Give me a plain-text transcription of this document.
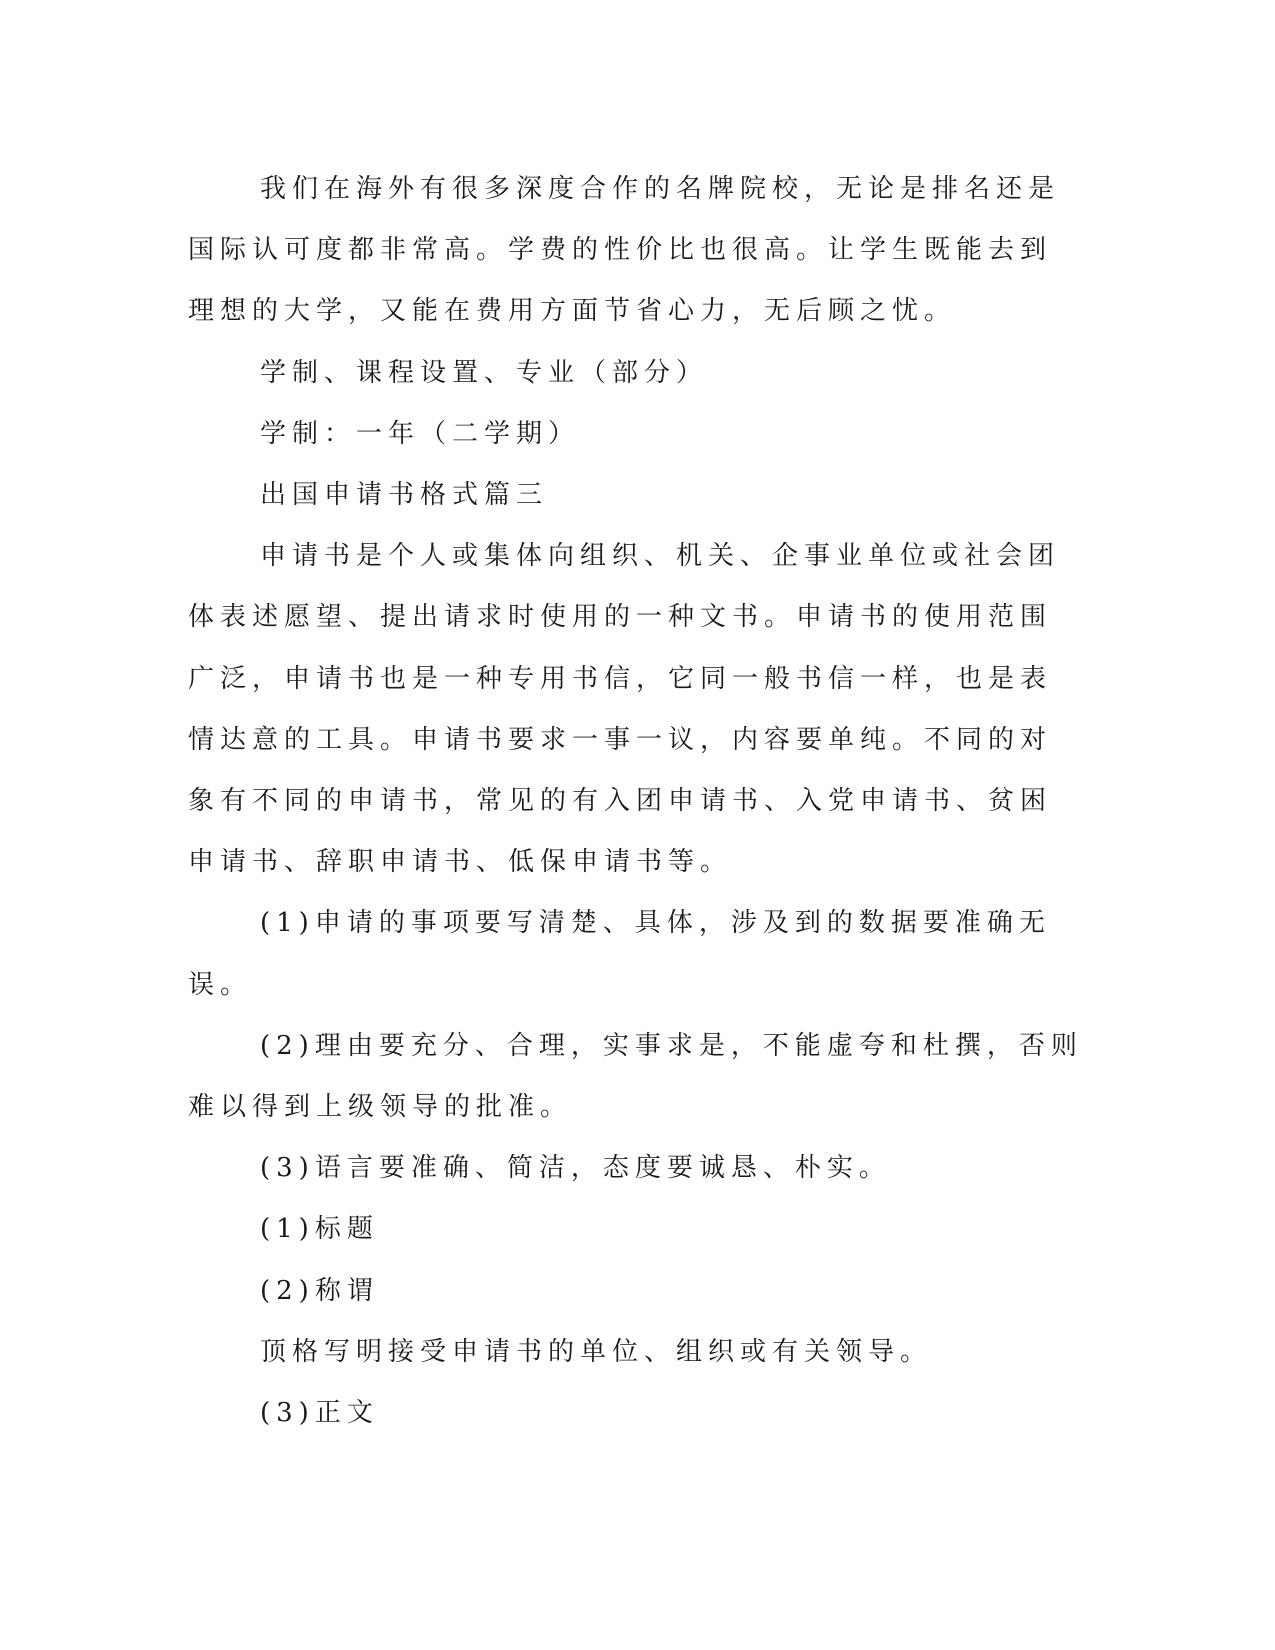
我们在海外有很多深度合作的名牌院校，无论是排名还是国际认可度都非常高。学费的性价比也很高。让学生既能去到理想的大学，又能在费用方面节省心力，无后顾之忧。

学制、课程设置、专业（部分）

学制：一年（二学期）

出国申请书格式篇三

申请书是个人或集体向组织、机关、企事业单位或社会团体表述愿望、提出请求时使用的一种文书。申请书的使用范围广泛，申请书也是一种专用书信，它同一般书信一样，也是表情达意的工具。申请书要求一事一议，内容要单纯。不同的对象有不同的申请书，常见的有入团申请书、入党申请书、贫困申请书、辞职申请书、低保申请书等。

(1)申请的事项要写清楚、具体，涉及到的数据要准确无误。

(2)理由要充分、合理，实事求是，不能虚夸和杜撰，否则难以得到上级领导的批准。

(3)语言要准确、简洁，态度要诚恳、朴实。

(1)标题

(2)称谓

顶格写明接受申请书的单位、组织或有关领导。

(3)正文
